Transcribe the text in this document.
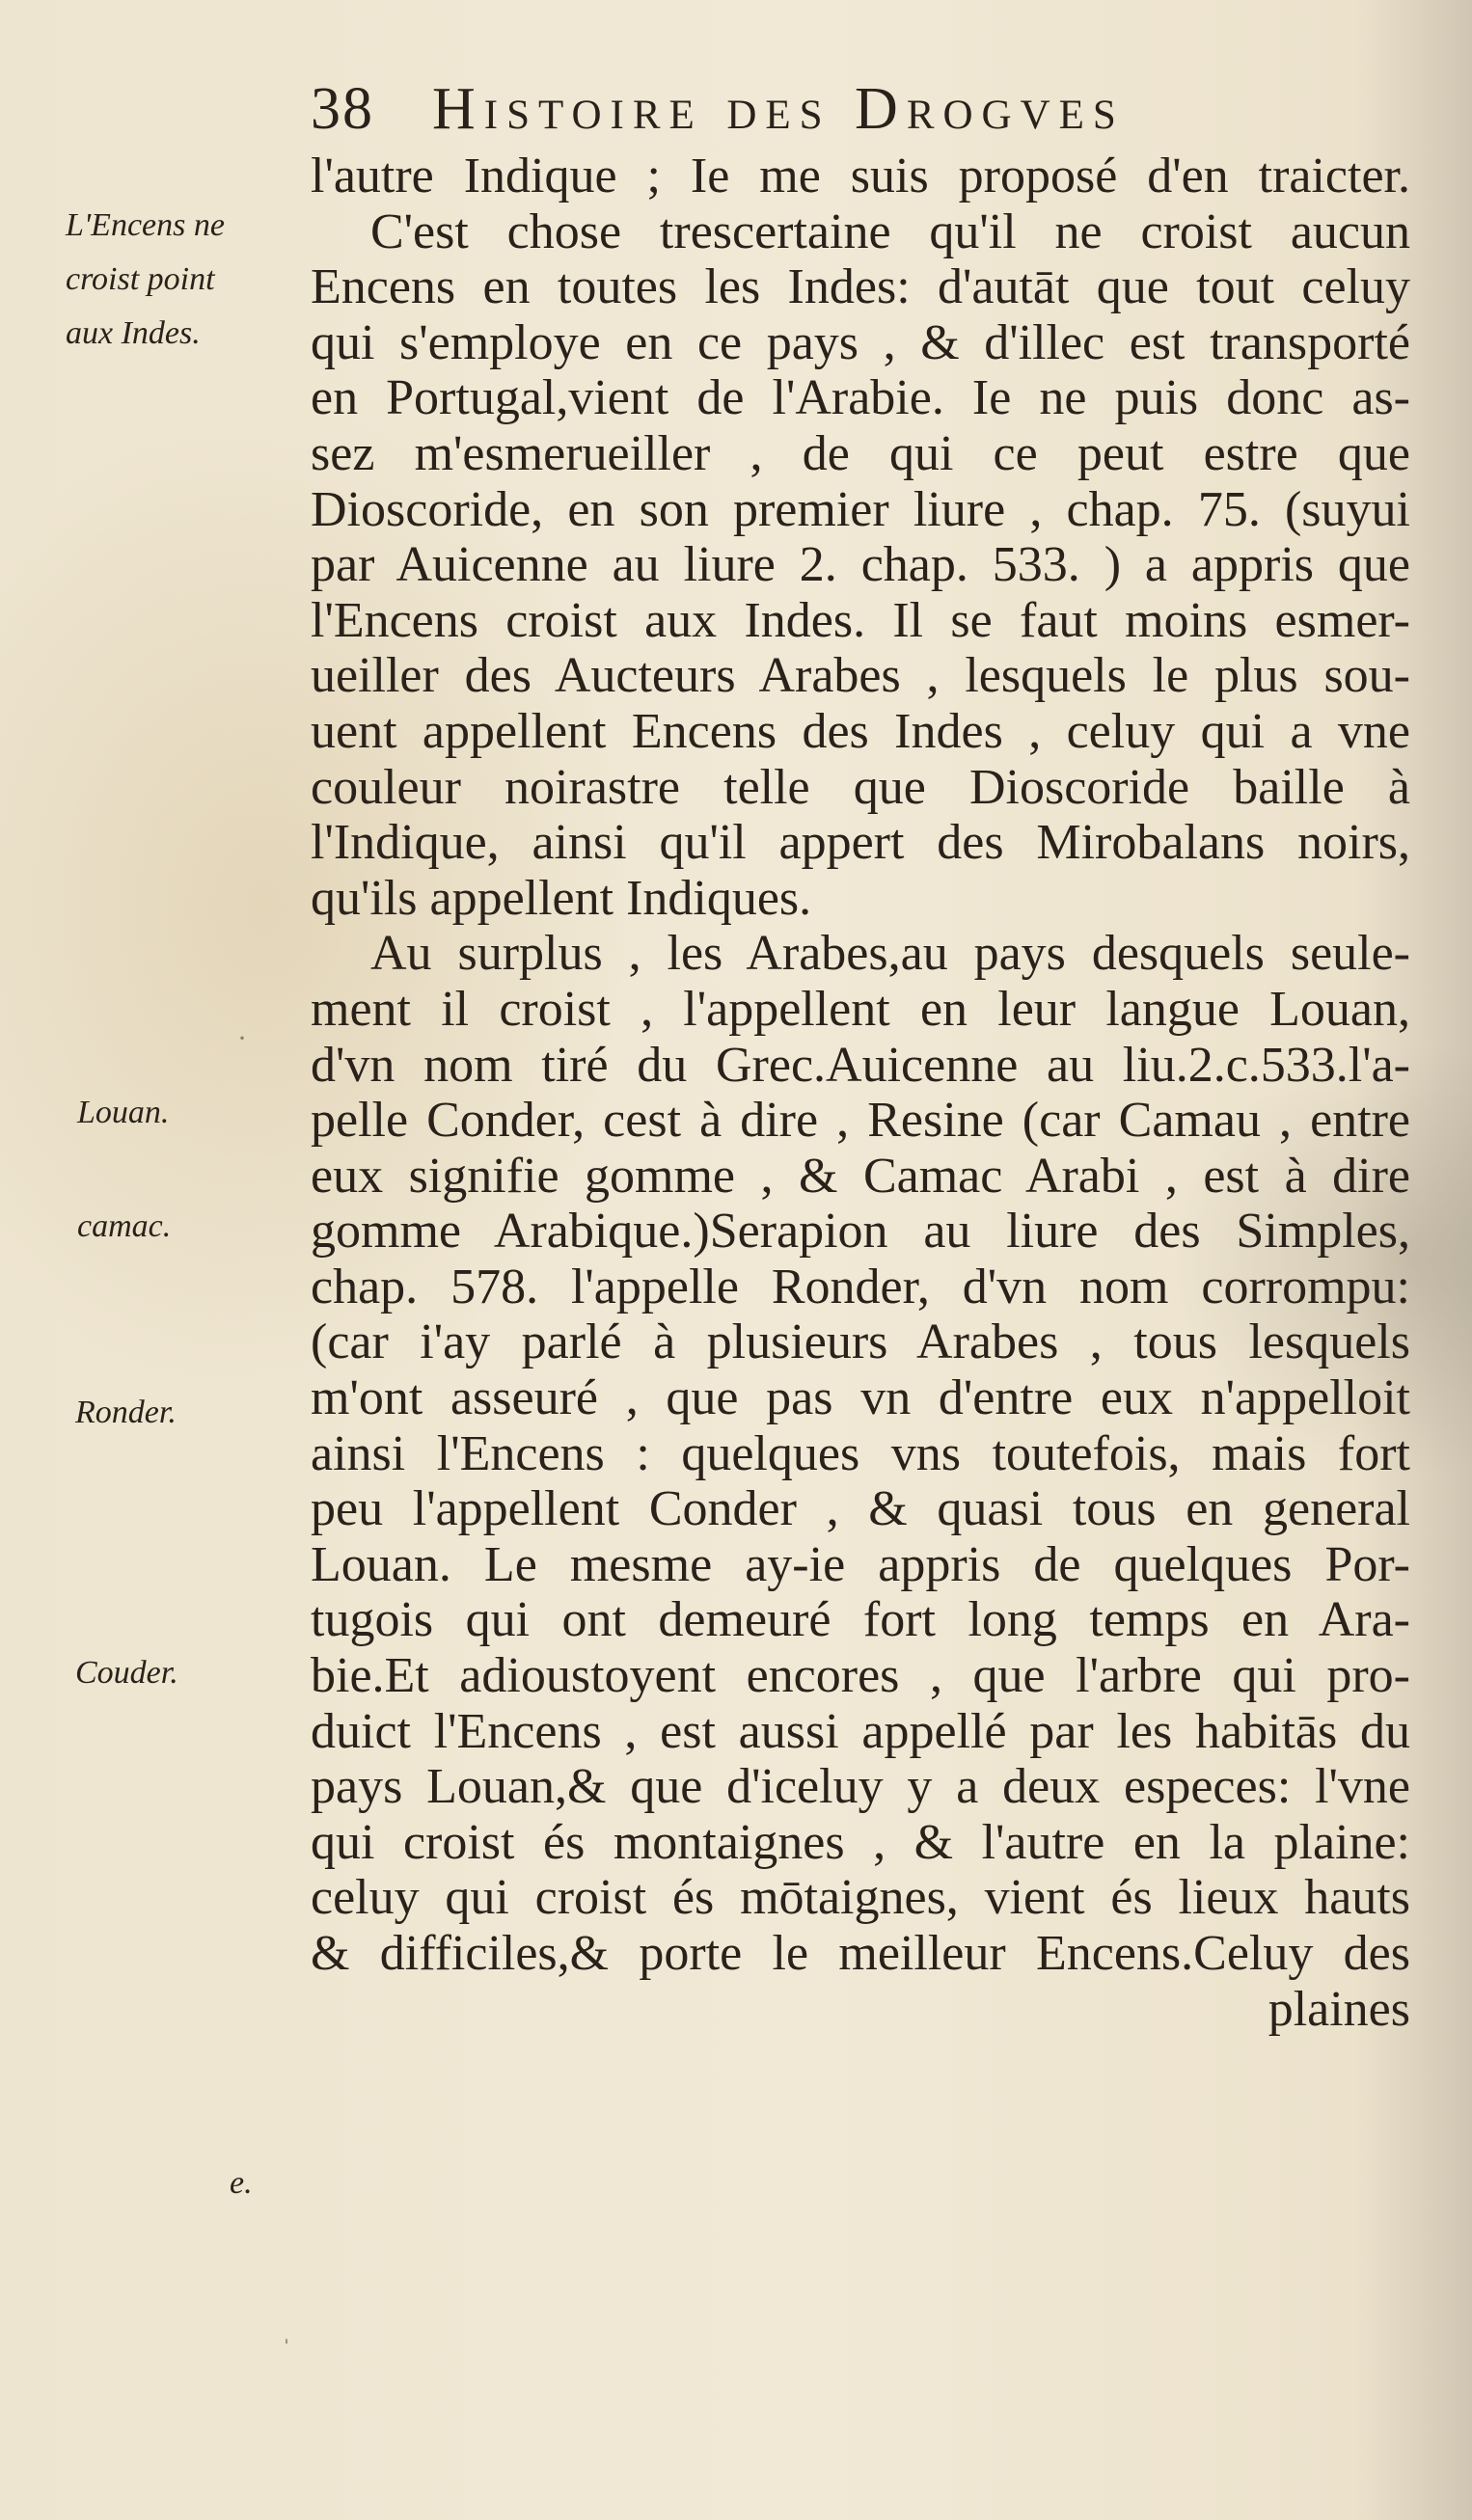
38 Histoire des Drogves
L'Encens ne
croist point
aux Indes.
Louan.
camac.
Ronder.
Couder.
e.
·
ˈ
l'autre Indique ; Ie me suis proposé d'en traicter.
C'est chose trescertaine qu'il ne croist aucun
Encens en toutes les Indes: d'autāt que tout celuy
qui s'employe en ce pays , & d'illec est transporté
en Portugal,vient de l'Arabie. Ie ne puis donc as-
sez m'esmerueiller , de qui ce peut estre que
Dioscoride, en son premier liure , chap. 75. (suyui
par Auicenne au liure 2. chap. 533. ) a appris que
l'Encens croist aux Indes. Il se faut moins esmer-
ueiller des Aucteurs Arabes , lesquels le plus sou-
uent appellent Encens des Indes , celuy qui a vne
couleur noirastre telle que Dioscoride baille à
l'Indique, ainsi qu'il appert des Mirobalans noirs,
qu'ils appellent Indiques.
Au surplus , les Arabes,au pays desquels seule-
ment il croist , l'appellent en leur langue Louan,
d'vn nom tiré du Grec.Auicenne au liu.2.c.533.l'a-
pelle Conder, cest à dire , Resine (car Camau , entre
eux signifie gomme , & Camac Arabi , est à dire
gomme Arabique.)Serapion au liure des Simples,
chap. 578. l'appelle Ronder, d'vn nom corrompu:
(car i'ay parlé à plusieurs Arabes , tous lesquels
m'ont asseuré , que pas vn d'entre eux n'appelloit
ainsi l'Encens : quelques vns toutefois, mais fort
peu l'appellent Conder , & quasi tous en general
Louan. Le mesme ay-ie appris de quelques Por-
tugois qui ont demeuré fort long temps en Ara-
bie.Et adioustoyent encores , que l'arbre qui pro-
duict l'Encens , est aussi appellé par les habitās du
pays Louan,& que d'iceluy y a deux especes: l'vne
qui croist és montaignes , & l'autre en la plaine:
celuy qui croist és mōtaignes, vient és lieux hauts
& difficiles,& porte le meilleur Encens.Celuy des
plaines
